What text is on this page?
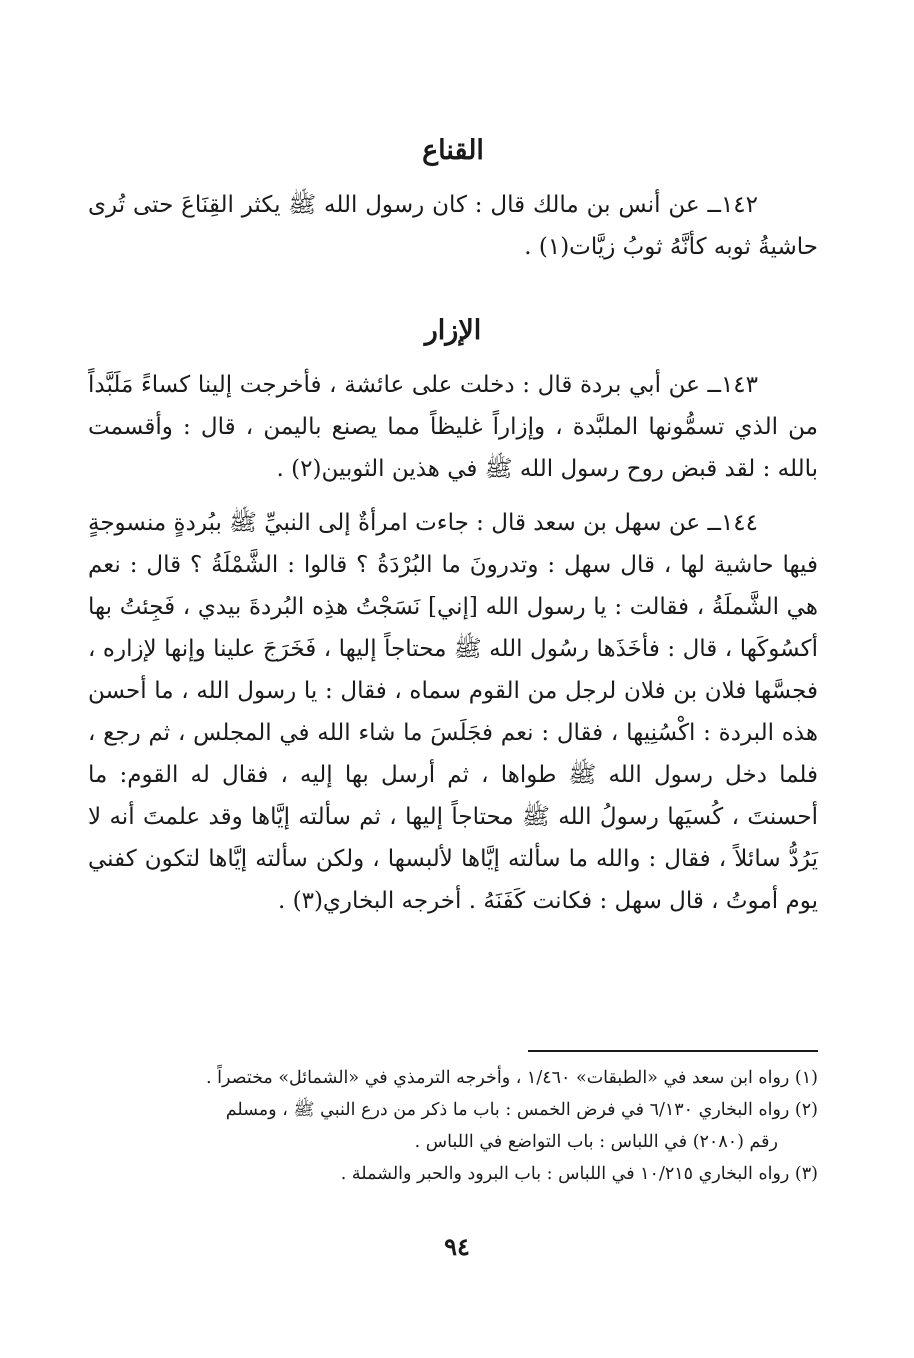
القناع

١٤٢ــ عن أنس بن مالك قال : كان رسول الله ﷺ يكثر القِنَاعَ حتى تُرى حاشيةُ ثوبه كأنَّهُ ثوبُ زيَّات(١) .

الإزار

١٤٣ــ عن أبي بردة قال : دخلت على عائشة ، فأخرجت إلينا كساءً مَلَبَّداً من الذي تسمُّونها الملبَّدة ، وإزاراً غليظاً مما يصنع باليمن ، قال : وأقسمت بالله : لقد قبض روح رسول الله ﷺ في هذين الثوبين(٢) .

١٤٤ــ عن سهل بن سعد قال : جاءت امرأةٌ إلى النبيِّ ﷺ ببُردةٍ منسوجةٍ فيها حاشية لها ، قال سهل : وتدرونَ ما البُرْدَةُ ؟ قالوا : الشَّمْلَةُ ؟ قال : نعم هي الشَّملَةُ ، فقالت : يا رسول الله [إني] نَسَجْتُ هذِه البُردةَ بيدي ، فَجِئتُ بها أكسُوكَها ، قال : فأخَذَها رسُول الله ﷺ محتاجاً إليها ، فَخَرَجَ علينا وإنها لإزاره ، فجسَّها فلان بن فلان لرجل من القوم سماه ، فقال : يا رسول الله ، ما أحسن هذه البردة : اكْسُنِيها ، فقال : نعم فجَلَسَ ما شاء الله في المجلس ، ثم رجع ، فلما دخل رسول الله ﷺ طواها ، ثم أرسل بها إليه ، فقال له القوم: ما أحسنتَ ، كُسيَها رسولُ الله ﷺ محتاجاً إليها ، ثم سألته إيَّاها وقد علمتَ أنه لا يَرُدُّ سائلاً ، فقال : والله ما سألته إيَّاها لألبسها ، ولكن سألته إيَّاها لتكون كفني يوم أموتُ ، قال سهل : فكانت كَفَنَهُ . أخرجه البخاري(٣) .

(١) رواه ابن سعد في «الطبقات» ١/٤٦٠ ، وأخرجه الترمذي في «الشمائل» مختصراً .

(٢) رواه البخاري ٦/١٣٠ في فرض الخمس : باب ما ذكر من درع النبي ﷺ ، ومسلم
رقم (٢٠٨٠) في اللباس : باب التواضع في اللباس .

(٣) رواه البخاري ١٠/٢١٥ في اللباس : باب البرود والحبر والشملة .

٩٤
